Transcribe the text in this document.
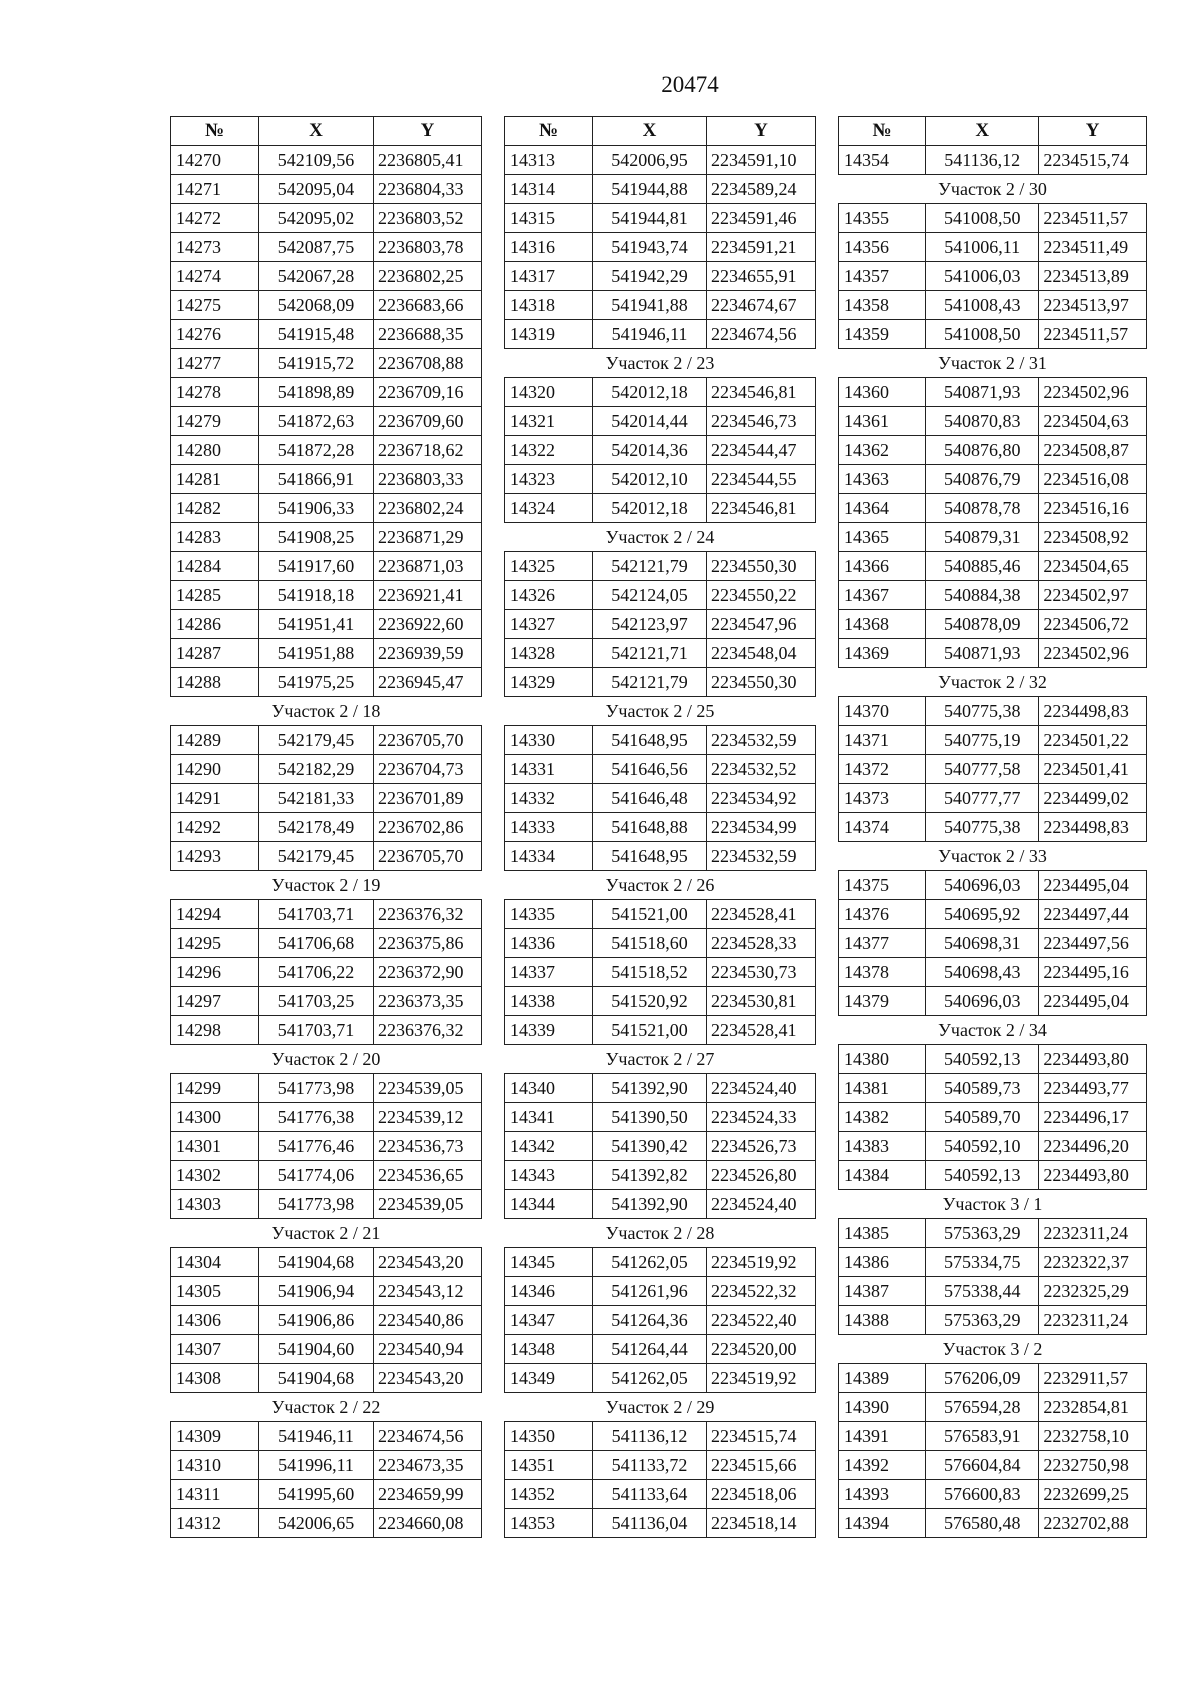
20474
№	X	Y
14270	542109,56	2236805,41
14271	542095,04	2236804,33
14272	542095,02	2236803,52
14273	542087,75	2236803,78
14274	542067,28	2236802,25
14275	542068,09	2236683,66
14276	541915,48	2236688,35
14277	541915,72	2236708,88
14278	541898,89	2236709,16
14279	541872,63	2236709,60
14280	541872,28	2236718,62
14281	541866,91	2236803,33
14282	541906,33	2236802,24
14283	541908,25	2236871,29
14284	541917,60	2236871,03
14285	541918,18	2236921,41
14286	541951,41	2236922,60
14287	541951,88	2236939,59
14288	541975,25	2236945,47
Участок 2 / 18		
14289	542179,45	2236705,70
14290	542182,29	2236704,73
14291	542181,33	2236701,89
14292	542178,49	2236702,86
14293	542179,45	2236705,70
Участок 2 / 19		
14294	541703,71	2236376,32
14295	541706,68	2236375,86
14296	541706,22	2236372,90
14297	541703,25	2236373,35
14298	541703,71	2236376,32
Участок 2 / 20		
14299	541773,98	2234539,05
14300	541776,38	2234539,12
14301	541776,46	2234536,73
14302	541774,06	2234536,65
14303	541773,98	2234539,05
Участок 2 / 21		
14304	541904,68	2234543,20
14305	541906,94	2234543,12
14306	541906,86	2234540,86
14307	541904,60	2234540,94
14308	541904,68	2234543,20
Участок 2 / 22		
14309	541946,11	2234674,56
14310	541996,11	2234673,35
14311	541995,60	2234659,99
14312	542006,65	2234660,08
№	X	Y
14313	542006,95	2234591,10
14314	541944,88	2234589,24
14315	541944,81	2234591,46
14316	541943,74	2234591,21
14317	541942,29	2234655,91
14318	541941,88	2234674,67
14319	541946,11	2234674,56
Участок 2 / 23		
14320	542012,18	2234546,81
14321	542014,44	2234546,73
14322	542014,36	2234544,47
14323	542012,10	2234544,55
14324	542012,18	2234546,81
Участок 2 / 24		
14325	542121,79	2234550,30
14326	542124,05	2234550,22
14327	542123,97	2234547,96
14328	542121,71	2234548,04
14329	542121,79	2234550,30
Участок 2 / 25		
14330	541648,95	2234532,59
14331	541646,56	2234532,52
14332	541646,48	2234534,92
14333	541648,88	2234534,99
14334	541648,95	2234532,59
Участок 2 / 26		
14335	541521,00	2234528,41
14336	541518,60	2234528,33
14337	541518,52	2234530,73
14338	541520,92	2234530,81
14339	541521,00	2234528,41
Участок 2 / 27		
14340	541392,90	2234524,40
14341	541390,50	2234524,33
14342	541390,42	2234526,73
14343	541392,82	2234526,80
14344	541392,90	2234524,40
Участок 2 / 28		
14345	541262,05	2234519,92
14346	541261,96	2234522,32
14347	541264,36	2234522,40
14348	541264,44	2234520,00
14349	541262,05	2234519,92
Участок 2 / 29		
14350	541136,12	2234515,74
14351	541133,72	2234515,66
14352	541133,64	2234518,06
14353	541136,04	2234518,14
№	X	Y
14354	541136,12	2234515,74
Участок 2 / 30		
14355	541008,50	2234511,57
14356	541006,11	2234511,49
14357	541006,03	2234513,89
14358	541008,43	2234513,97
14359	541008,50	2234511,57
Участок 2 / 31		
14360	540871,93	2234502,96
14361	540870,83	2234504,63
14362	540876,80	2234508,87
14363	540876,79	2234516,08
14364	540878,78	2234516,16
14365	540879,31	2234508,92
14366	540885,46	2234504,65
14367	540884,38	2234502,97
14368	540878,09	2234506,72
14369	540871,93	2234502,96
Участок 2 / 32		
14370	540775,38	2234498,83
14371	540775,19	2234501,22
14372	540777,58	2234501,41
14373	540777,77	2234499,02
14374	540775,38	2234498,83
Участок 2 / 33		
14375	540696,03	2234495,04
14376	540695,92	2234497,44
14377	540698,31	2234497,56
14378	540698,43	2234495,16
14379	540696,03	2234495,04
Участок 2 / 34		
14380	540592,13	2234493,80
14381	540589,73	2234493,77
14382	540589,70	2234496,17
14383	540592,10	2234496,20
14384	540592,13	2234493,80
Участок 3 / 1		
14385	575363,29	2232311,24
14386	575334,75	2232322,37
14387	575338,44	2232325,29
14388	575363,29	2232311,24
Участок 3 / 2		
14389	576206,09	2232911,57
14390	576594,28	2232854,81
14391	576583,91	2232758,10
14392	576604,84	2232750,98
14393	576600,83	2232699,25
14394	576580,48	2232702,88
